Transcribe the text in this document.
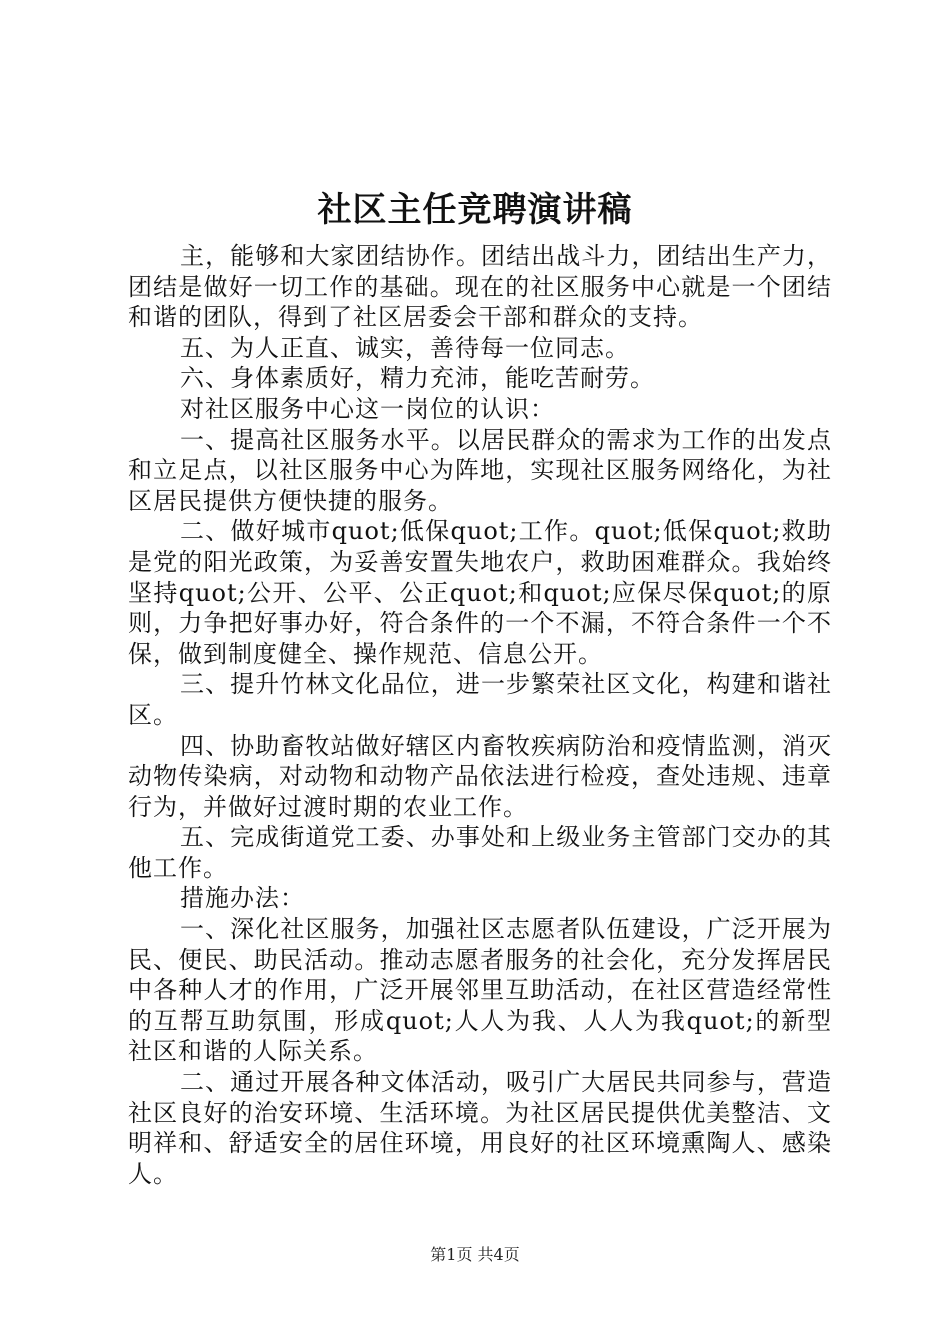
社区主任竞聘演讲稿

主，能够和大家团结协作。团结出战斗力，团结出生产力，团结是做好一切工作的基础。现在的社区服务中心就是一个团结和谐的团队，得到了社区居委会干部和群众的支持。

五、为人正直、诚实，善待每一位同志。

六、身体素质好，精力充沛，能吃苦耐劳。

对社区服务中心这一岗位的认识：

一、提高社区服务水平。以居民群众的需求为工作的出发点和立足点，以社区服务中心为阵地，实现社区服务网络化，为社区居民提供方便快捷的服务。

二、做好城市quot;低保quot;工作。quot;低保quot;救助是党的阳光政策，为妥善安置失地农户，救助困难群众。我始终坚持quot;公开、公平、公正quot;和quot;应保尽保quot;的原则，力争把好事办好，符合条件的一个不漏，不符合条件一个不保，做到制度健全、操作规范、信息公开。

三、提升竹林文化品位，进一步繁荣社区文化，构建和谐社区。

四、协助畜牧站做好辖区内畜牧疾病防治和疫情监测，消灭动物传染病，对动物和动物产品依法进行检疫，查处违规、违章行为，并做好过渡时期的农业工作。

五、完成街道党工委、办事处和上级业务主管部门交办的其他工作。

措施办法：

一、深化社区服务，加强社区志愿者队伍建设，广泛开展为民、便民、助民活动。推动志愿者服务的社会化，充分发挥居民中各种人才的作用，广泛开展邻里互助活动，在社区营造经常性的互帮互助氛围，形成quot;人人为我、人人为我quot;的新型社区和谐的人际关系。

二、通过开展各种文体活动，吸引广大居民共同参与，营造社区良好的治安环境、生活环境。为社区居民提供优美整洁、文明祥和、舒适安全的居住环境，用良好的社区环境熏陶人、感染人。

第1页 共4页
